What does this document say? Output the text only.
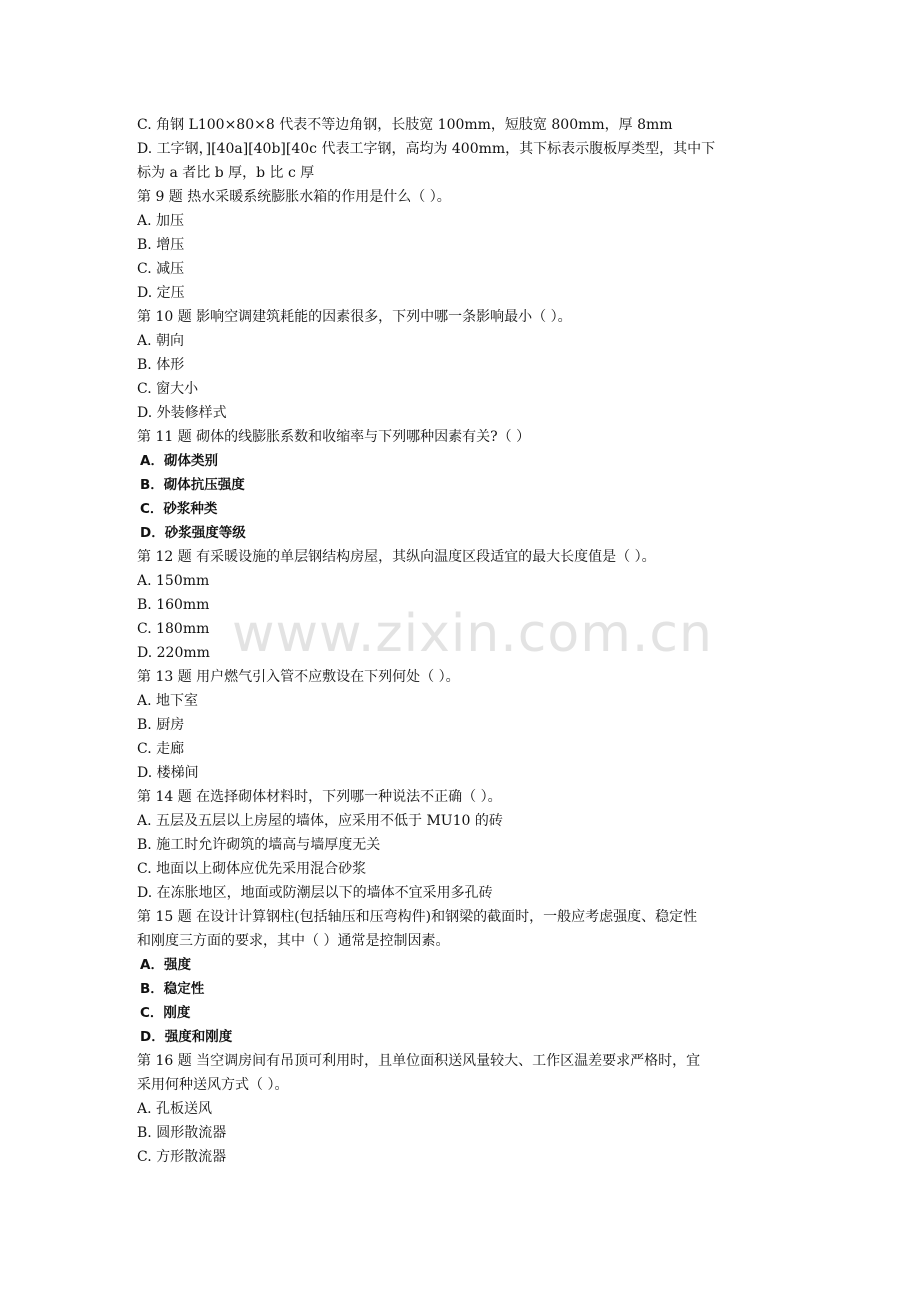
www.zixin.com.cn
C. 角钢 L100×80×8 代表不等边角钢，长肢宽 100mm，短肢宽 800mm，厚 8mm
D. 工字钢，][40a][40b][40c 代表工字钢，高均为 400mm，其下标表示腹板厚类型，其中下
标为 a 者比 b 厚，b 比 c 厚
第 9 题 热水采暖系统膨胀水箱的作用是什么（ ）。
A. 加压
B. 增压
C. 减压
D. 定压
第 10 题 影响空调建筑耗能的因素很多，下列中哪一条影响最小（ ）。
A. 朝向
B. 体形
C. 窗大小
D. 外装修样式
第 11 题 砌体的线膨胀系数和收缩率与下列哪种因素有关?（ ）
A．砌体类别
B．砌体抗压强度
C．砂浆种类
D．砂浆强度等级
第 12 题 有采暖设施的单层钢结构房屋，其纵向温度区段适宜的最大长度值是（ ）。
A. 150mm
B. 160mm
C. 180mm
D. 220mm
第 13 题 用户燃气引入管不应敷设在下列何处（ ）。
A. 地下室
B. 厨房
C. 走廊
D. 楼梯间
第 14 题 在选择砌体材料时，下列哪一种说法不正确（ ）。
A. 五层及五层以上房屋的墙体，应采用不低于 MU10 的砖
B. 施工时允许砌筑的墙高与墙厚度无关
C. 地面以上砌体应优先采用混合砂浆
D. 在冻胀地区，地面或防潮层以下的墙体不宜采用多孔砖
第 15 题 在设计计算钢柱(包括轴压和压弯构件)和钢梁的截面时，一般应考虑强度、稳定性
和刚度三方面的要求，其中（ ）通常是控制因素。
A．强度
B．稳定性
C．刚度
D．强度和刚度
第 16 题 当空调房间有吊顶可利用时，且单位面积送风量较大、工作区温差要求严格时，宜
采用何种送风方式（ ）。
A. 孔板送风
B. 圆形散流器
C. 方形散流器
